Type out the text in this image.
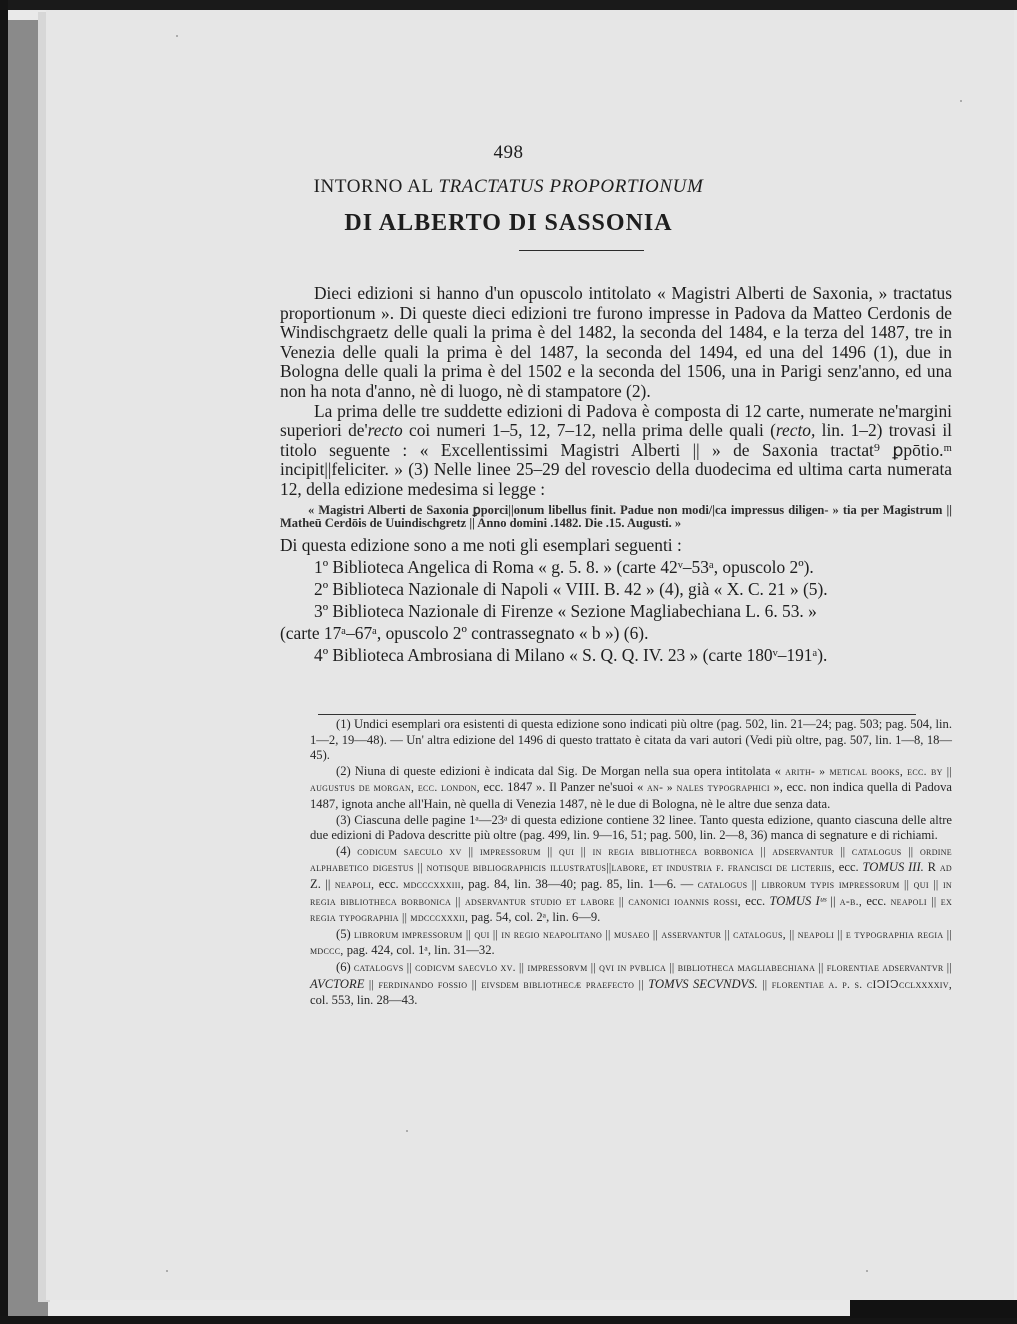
498
INTORNO AL TRACTATUS PROPORTIONUM
DI ALBERTO DI SASSONIA

Dieci edizioni si hanno d'un opuscolo intitolato « Magistri Alberti de Saxonia, » tractatus proportionum ». Di queste dieci edizioni tre furono impresse in Padova da Matteo Cerdonis de Windischgraetz delle quali la prima è del 1482, la seconda del 1484, e la terza del 1487, tre in Venezia delle quali la prima è del 1487, la seconda del 1494, ed una del 1496 (1), due in Bologna delle quali la prima è del 1502 e la seconda del 1506, una in Parigi senz'anno, ed una non ha nota d'anno, nè di luogo, nè di stampatore (2).

La prima delle tre suddette edizioni di Padova è composta di 12 carte, numerate ne'margini superiori de'recto coi numeri 1–5, 12, 7–12, nella prima delle quali (recto, lin. 1–2) trovasi il titolo seguente : « Excellentissimi Magistri Alberti || » de Saxonia tractat⁹ ꝑpōtio.ᵐ incipit||feliciter. » (3) Nelle linee 25–29 del rovescio della duodecima ed ultima carta numerata 12, della edizione medesima si legge :

« Magistri Alberti de Saxonia ꝑporci||onum libellus finit. Padue non modi/|ca impressus diligen- » tia per Magistrum || Matheū Cerdōis de Uuindischgretz || Anno domini .1482. Die .15. Augusti. »

Di questa edizione sono a me noti gli esemplari seguenti :

1º Biblioteca Angelica di Roma « g. 5. 8. » (carte 42ᵛ–53ᵃ, opuscolo 2º).

2º Biblioteca Nazionale di Napoli « VIII. B. 42 » (4), già « X. C. 21 » (5).

3º Biblioteca Nazionale di Firenze « Sezione Magliabechiana L. 6. 53. »

(carte 17ᵃ–67ᵃ, opuscolo 2º contrassegnato « b ») (6).

4º Biblioteca Ambrosiana di Milano « S. Q. Q. IV. 23 » (carte 180ᵛ–191ᵃ).

(1) Undici esemplari ora esistenti di questa edizione sono indicati più oltre (pag. 502, lin. 21—24; pag. 503; pag. 504, lin. 1—2, 19—48). — Un' altra edizione del 1496 di questo trattato è citata da vari autori (Vedi più oltre, pag. 507, lin. 1—8, 18—45).

(2) Niuna di queste edizioni è indicata dal Sig. De Morgan nella sua opera intitolata « arith- » metical books, ecc. by || augustus de morgan, ecc. london, ecc. 1847 ». Il Panzer ne'suoi « an- » nales typographici », ecc. non indica quella di Padova 1487, ignota anche all'Hain, nè quella di Venezia 1487, nè le due di Bologna, nè le altre due senza data.

(3) Ciascuna delle pagine 1ᵃ—23ᵃ di questa edizione contiene 32 linee. Tanto questa edizione, quanto ciascuna delle altre due edizioni di Padova descritte più oltre (pag. 499, lin. 9—16, 51; pag. 500, lin. 2—8, 36) manca di segnature e di richiami.

(4) codicum saeculo xv || impressorum || qui || in regia bibliotheca borbonica || adservantur || catalogus || ordine alphabetico digestus || notisque bibliographicis illustratus||labore, et industria f. francisci de licteriis, ecc. TOMUS III. R ad Z. || neapoli, ecc. mdcccxxxiii, pag. 84, lin. 38—40; pag. 85, lin. 1—6. — catalogus || librorum typis impressorum || qui || in regia bibliotheca borbonica || adservantur studio et labore || canonici ioannis rossi, ecc. TOMUS Iᵘˢ || a-b., ecc. neapoli || ex regia typographia || mdcccxxxii, pag. 54, col. 2ᵃ, lin. 6—9.

(5) librorum impressorum || qui || in regio neapolitano || musaeo || asservantur || catalogus, || neapoli || e typographia regia || mdccc, pag. 424, col. 1ᵃ, lin. 31—32.

(6) catalogvs || codicvm saecvlo xv. || impressorvm || qvi in pvblica || bibliotheca magliabechiana || florentiae adservantvr || AVCTORE || ferdinando fossio || eivsdem bibliothecæ praefecto || TOMVS SECVNDVS. || florentiae a. p. s. cIↃIↃcclxxxxiv, col. 553, lin. 28—43.
